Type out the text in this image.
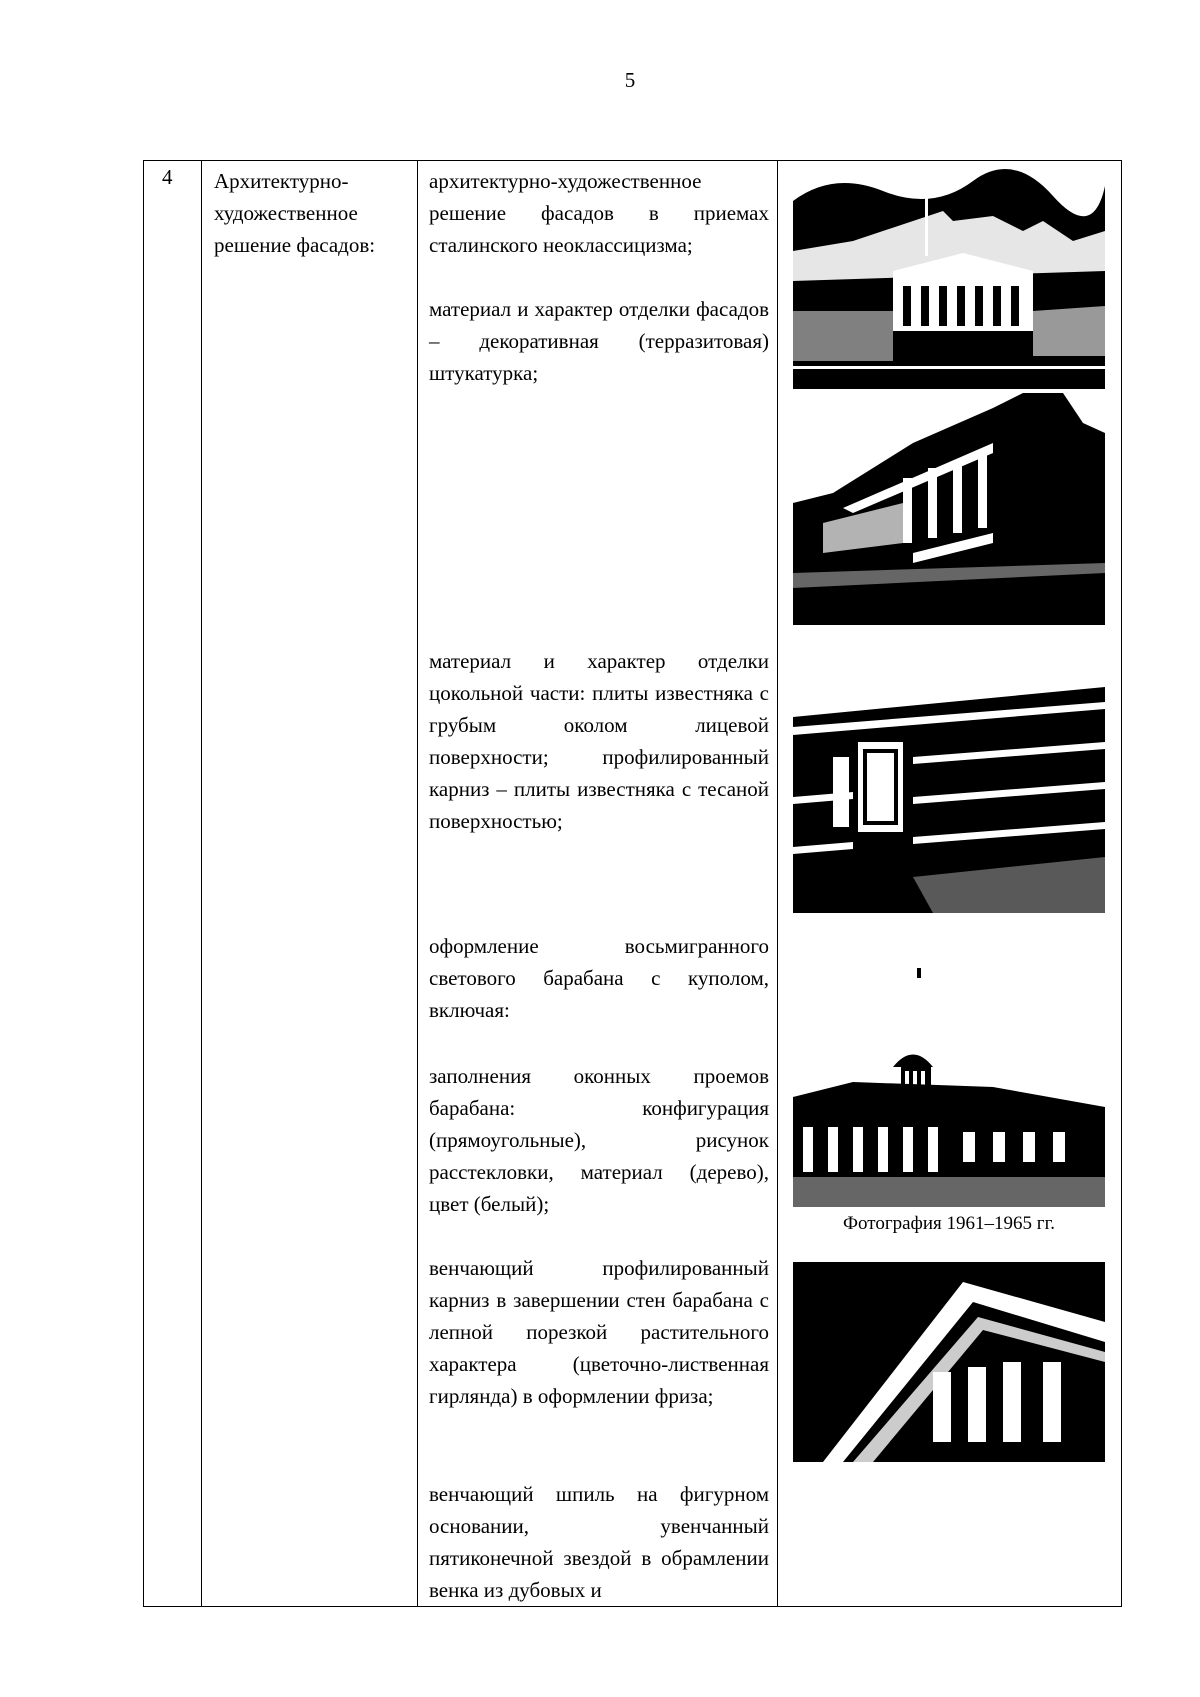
5
4 Архитектурно-художественное решение фасадов:
архитектурно-художественное решение фасадов в приемах сталинского неоклассицизма;
материал и характер отделки фасадов – декоративная (терразитовая) штукатурка;
материал и характер отделки цокольной части: плиты известняка с грубым околом лицевой поверхности; профилированный карниз – плиты известняка с тесаной поверхностью;
оформление восьмигранного светового барабана с куполом, включая:
заполнения оконных проемов барабана: конфигурация (прямоугольные), рисунок расстекловки, материал (дерево), цвет (белый);
венчающий профилированный карниз в завершении стен барабана с лепной порезкой растительного характера (цветочно-лиственная гирлянда) в оформлении фриза;
венчающий шпиль на фигурном основании, увенчанный пятиконечной звездой в обрамлении венка из дубовых и
Фотография 1961–1965 гг.
